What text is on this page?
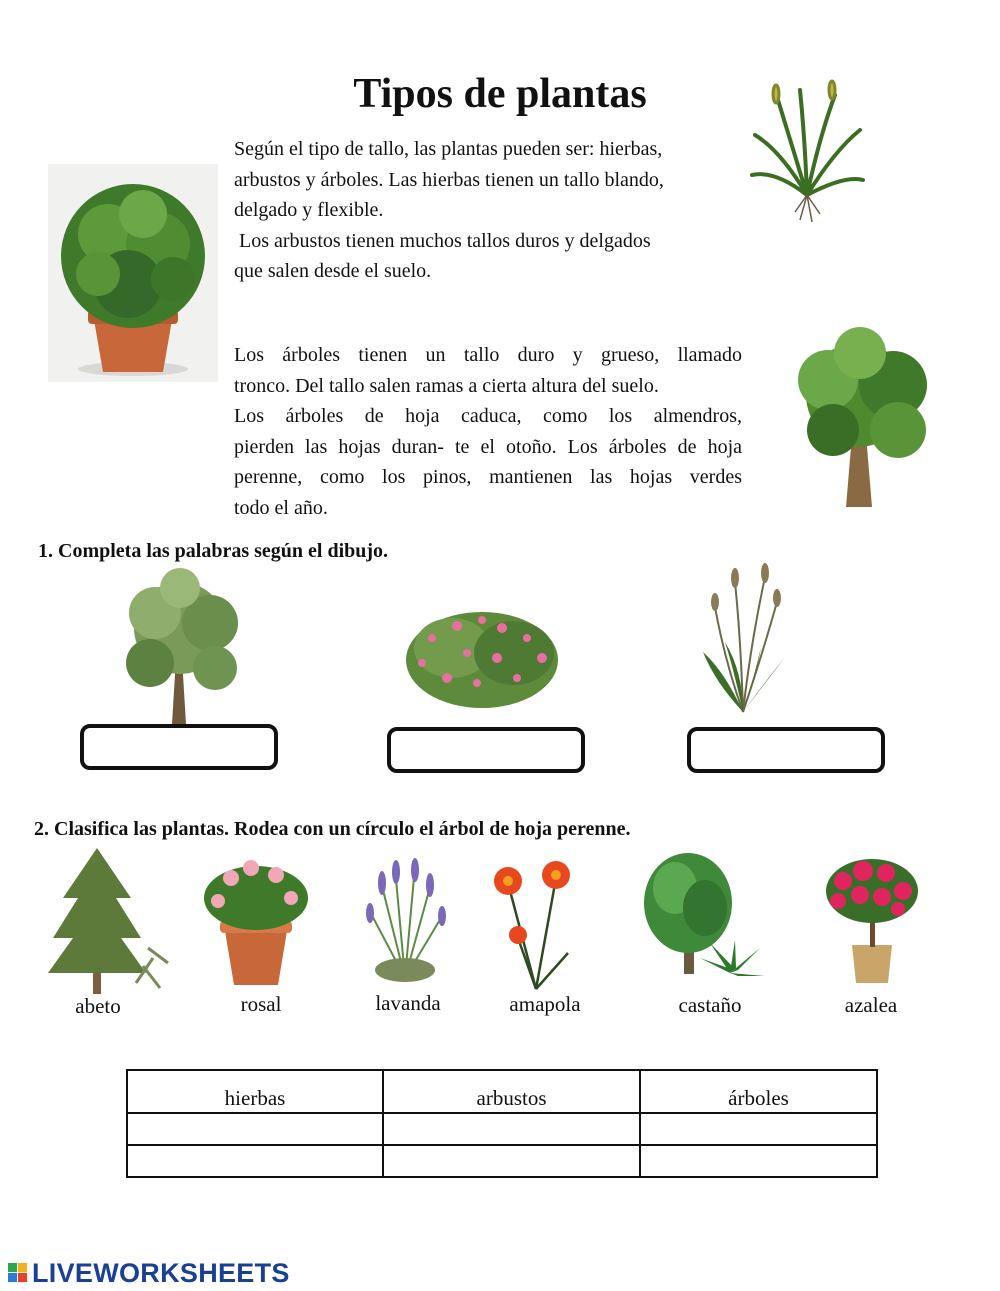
Tipos de plantas
Según el tipo de tallo, las plantas pueden ser: hierbas,
arbustos y árboles. Las hierbas tienen un tallo blando,
delgado y flexible.
Los arbustos tienen muchos tallos duros y delgados
que salen desde el suelo.
Los árboles tienen un tallo duro y grueso, llamado
tronco. Del tallo salen ramas a cierta altura del suelo.
Los árboles de hoja caduca, como los almendros,
pierden las hojas duran- te el otoño. Los árboles de hoja
perenne, como los pinos, mantienen las hojas verdes
todo el año.
1. Completa las palabras según el dibujo.
2. Clasifica las plantas. Rodea con un círculo el árbol de hoja perenne.
abeto	rosal	lavanda	amapola	castaño	azalea
hierbas	arbustos	árboles

LIVEWORKSHEETS
